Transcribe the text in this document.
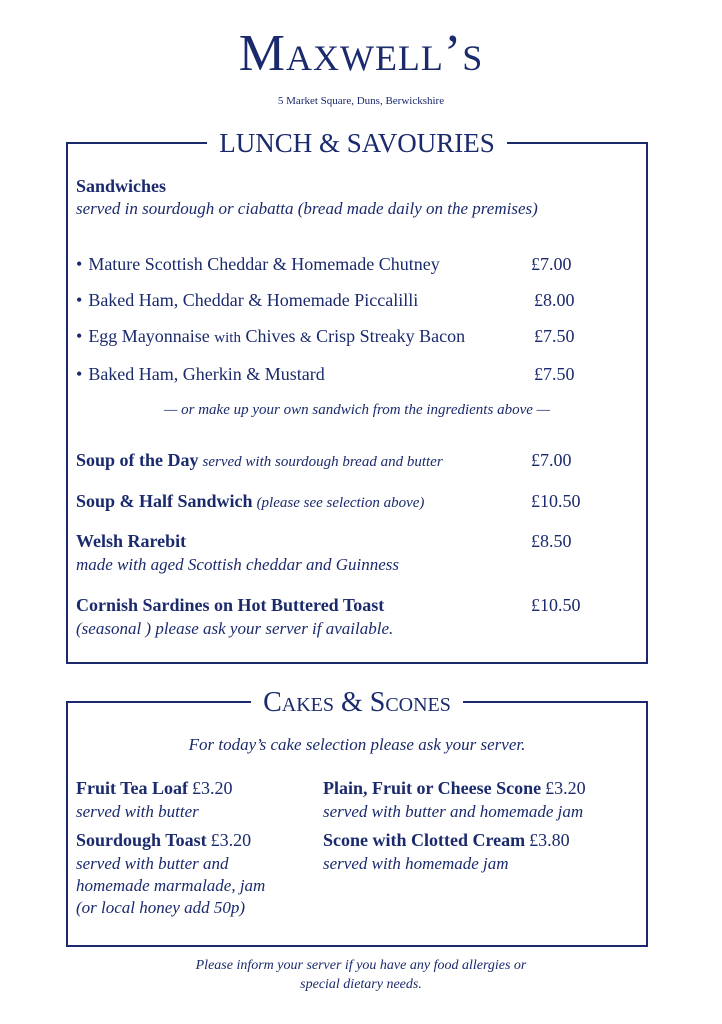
Maxwell’s
5 Market Square, Duns, Berwickshire
LUNCH & SAVOURIES
Sandwiches
served in sourdough or ciabatta (bread made daily on the premises)
• Mature Scottish Cheddar & Homemade Chutney	£7.00
• Baked Ham, Cheddar & Homemade Piccalilli	£8.00
• Egg Mayonnaise with Chives & Crisp Streaky Bacon	£7.50
• Baked Ham, Gherkin & Mustard	£7.50
— or make up your own sandwich from the ingredients above —
Soup of the Day served with sourdough bread and butter	£7.00
Soup & Half Sandwich (please see selection above)	£10.50
Welsh Rarebit	£8.50
made with aged Scottish cheddar and Guinness
Cornish Sardines on Hot Buttered Toast	£10.50
(seasonal ) please ask your server if available.
Cakes & Scones
For today’s cake selection please ask your server.
Fruit Tea Loaf £3.20
served with butter
Sourdough Toast £3.20
served with butter and
homemade marmalade, jam
(or local honey add 50p)
Plain, Fruit or Cheese Scone £3.20
served with butter and homemade jam
Scone with Clotted Cream £3.80
served with homemade jam
Please inform your server if you have any food allergies or
special dietary needs.
